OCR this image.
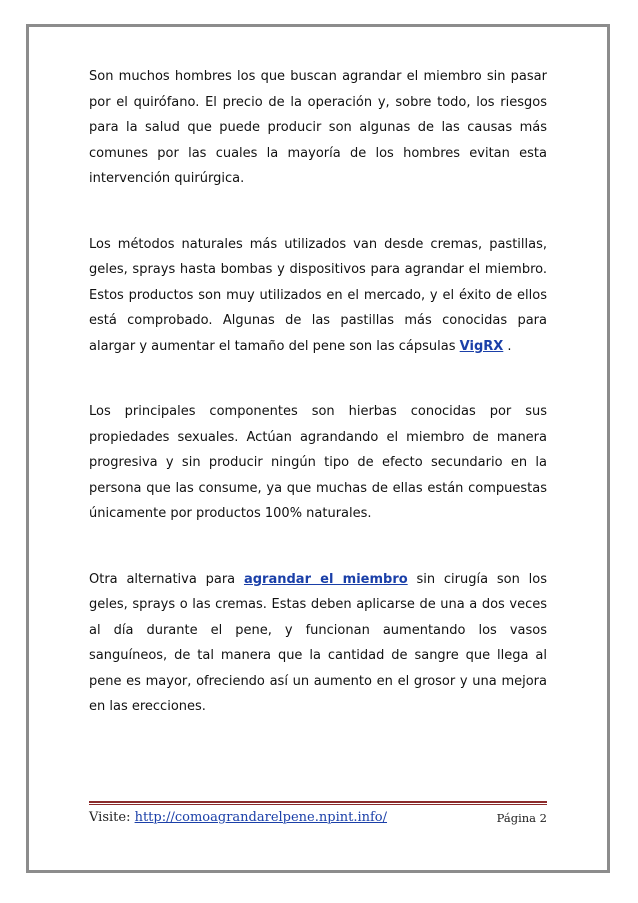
Son muchos hombres los que buscan agrandar el miembro sin pasar por el quirófano. El precio de la operación y, sobre todo, los riesgos para la salud que puede producir son algunas de las causas más comunes por las cuales la mayoría de los hombres evitan esta intervención quirúrgica.

Los métodos naturales más utilizados van desde cremas, pastillas, geles, sprays hasta bombas y dispositivos para agrandar el miembro. Estos productos son muy utilizados en el mercado, y el éxito de ellos está comprobado. Algunas de las pastillas más conocidas para alargar y aumentar el tamaño del pene son las cápsulas VigRX .

Los principales componentes son hierbas conocidas por sus propiedades sexuales. Actúan agrandando el miembro de manera progresiva y sin producir ningún tipo de efecto secundario en la persona que las consume, ya que muchas de ellas están compuestas únicamente por productos 100% naturales.

Otra alternativa para agrandar el miembro sin cirugía son los geles, sprays o las cremas. Estas deben aplicarse de una a dos veces al día durante el pene, y funcionan aumentando los vasos sanguíneos, de tal manera que la cantidad de sangre que llega al pene es mayor, ofreciendo así un aumento en el grosor y una mejora en las erecciones.

Visite: http://comoagrandarelpene.npint.info/	Página 2
